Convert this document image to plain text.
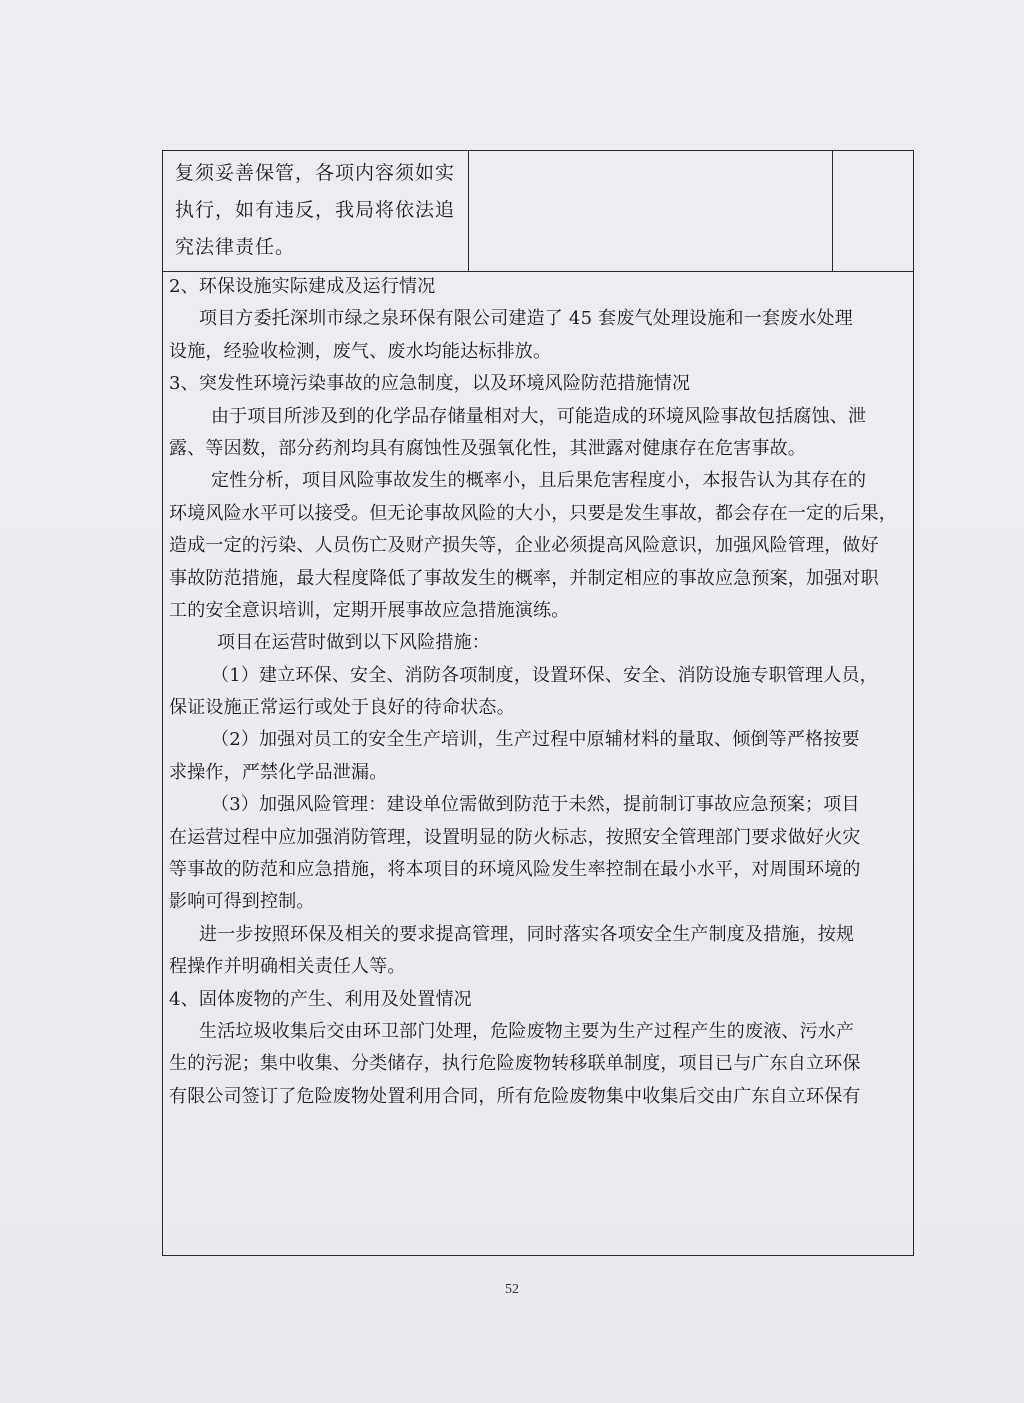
复须妥善保管，各项内容须如实
执行，如有违反，我局将依法追
究法律责任。
2、环保设施实际建成及运行情况
项目方委托深圳市绿之泉环保有限公司建造了 45 套废气处理设施和一套废水处理
设施，经验收检测，废气、废水均能达标排放。
3、突发性环境污染事故的应急制度，以及环境风险防范措施情况
由于项目所涉及到的化学品存储量相对大，可能造成的环境风险事故包括腐蚀、泄
露、等因数，部分药剂均具有腐蚀性及强氧化性，其泄露对健康存在危害事故。
定性分析，项目风险事故发生的概率小，且后果危害程度小，本报告认为其存在的
环境风险水平可以接受。但无论事故风险的大小，只要是发生事故，都会存在一定的后果，
造成一定的污染、人员伤亡及财产损失等，企业必须提高风险意识，加强风险管理，做好
事故防范措施，最大程度降低了事故发生的概率，并制定相应的事故应急预案，加强对职
工的安全意识培训，定期开展事故应急措施演练。
项目在运营时做到以下风险措施：
（1）建立环保、安全、消防各项制度，设置环保、安全、消防设施专职管理人员，
保证设施正常运行或处于良好的待命状态。
（2）加强对员工的安全生产培训，生产过程中原辅材料的量取、倾倒等严格按要
求操作，严禁化学品泄漏。
（3）加强风险管理：建设单位需做到防范于未然，提前制订事故应急预案；项目
在运营过程中应加强消防管理，设置明显的防火标志，按照安全管理部门要求做好火灾
等事故的防范和应急措施，将本项目的环境风险发生率控制在最小水平，对周围环境的
影响可得到控制。
进一步按照环保及相关的要求提高管理，同时落实各项安全生产制度及措施，按规
程操作并明确相关责任人等。
4、固体废物的产生、利用及处置情况
生活垃圾收集后交由环卫部门处理，危险废物主要为生产过程产生的废液、污水产
生的污泥；集中收集、分类储存，执行危险废物转移联单制度，项目已与广东自立环保
有限公司签订了危险废物处置利用合同，所有危险废物集中收集后交由广东自立环保有
52
